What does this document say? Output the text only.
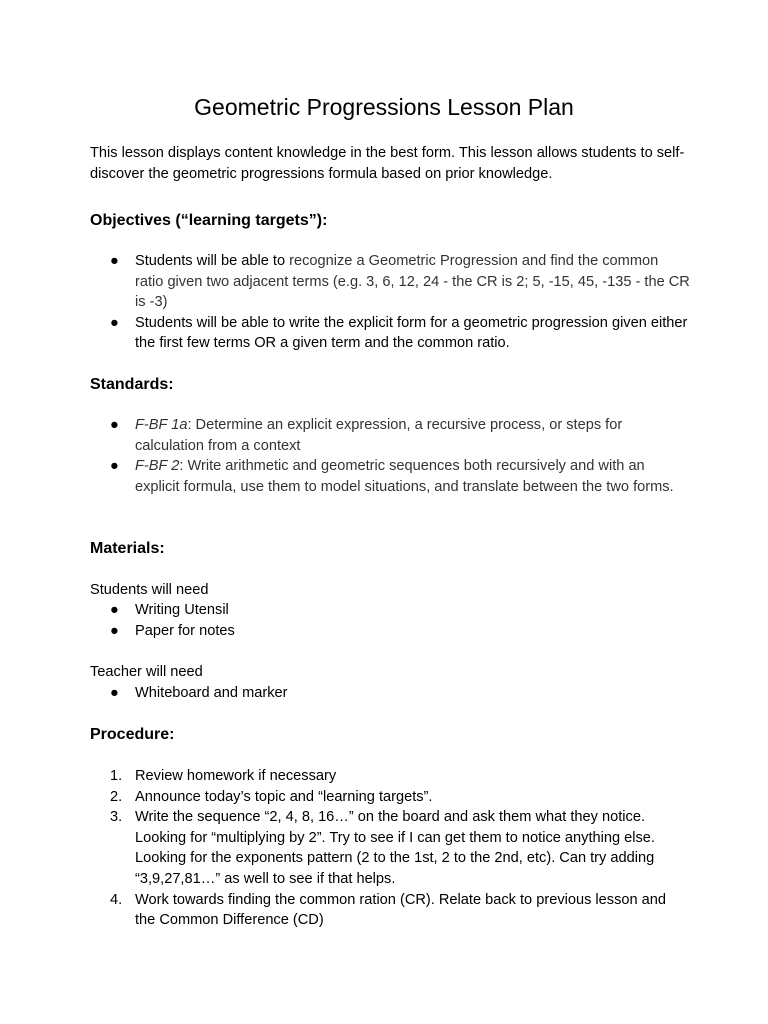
Geometric Progressions Lesson Plan

This lesson displays content knowledge in the best form. This lesson allows students to self-discover the geometric progressions formula based on prior knowledge.

Objectives (“learning targets”):
●	Students will be able to recognize a Geometric Progression and find the common ratio given two adjacent terms (e.g. 3, 6, 12, 24 - the CR is 2; 5, -15, 45, -135 - the CR is -3)
●	Students will be able to write the explicit form for a geometric progression given either the first few terms OR a given term and the common ratio.
Standards:
●	F-BF 1a: Determine an explicit expression, a recursive process, or steps for calculation from a context
●	F-BF 2: Write arithmetic and geometric sequences both recursively and with an explicit formula, use them to model situations, and translate between the two forms.
Materials:

Students will need

●	Writing Utensil
●	Paper for notes

Teacher will need

●	Whiteboard and marker
Procedure:
1. Review homework if necessary
2. Announce today’s topic and “learning targets”.
3. Write the sequence “2, 4, 8, 16…” on the board and ask them what they notice. Looking for “multiplying by 2”. Try to see if I can get them to notice anything else. Looking for the exponents pattern (2 to the 1st, 2 to the 2nd, etc). Can try adding “3,9,27,81…” as well to see if that helps.
4. Work towards finding the common ration (CR). Relate back to previous lesson and the Common Difference (CD)
